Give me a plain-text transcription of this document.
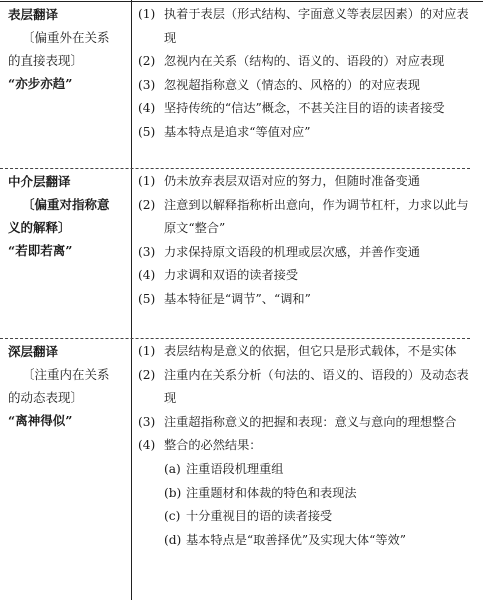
表层翻译
〔偏重外在关系
的直接表现〕
“亦步亦趋”
(1) 执着于表层（形式结构、字面意义等表层因素）的对应表现
(2) 忽视内在关系（结构的、语义的、语段的）对应表现
(3) 忽视超指称意义（情态的、风格的）的对应表现
(4) 坚持传统的“信达”概念，不甚关注目的语的读者接受
(5) 基本特点是追求“等值对应”
中介层翻译
〔偏重对指称意
义的解释〕
“若即若离”
(1) 仍未放弃表层双语对应的努力，但随时准备变通
(2) 注意到以解释指称析出意向，作为调节杠杆，力求以此与原文“整合”
(3) 力求保持原文语段的机理或层次感，并善作变通
(4) 力求调和双语的读者接受
(5) 基本特征是“调节”、“调和”
深层翻译
〔注重内在关系
的动态表现〕
“离神得似”
(1) 表层结构是意义的依据，但它只是形式载体，不是实体
(2) 注重内在关系分析（句法的、语义的、语段的）及动态表现
(3) 注重超指称意义的把握和表现：意义与意向的理想整合
(4) 整合的必然结果：
(a) 注重语段机理重组
(b) 注重题材和体裁的特色和表现法
(c) 十分重视目的语的读者接受
(d) 基本特点是“取善择优”及实现大体“等效”
